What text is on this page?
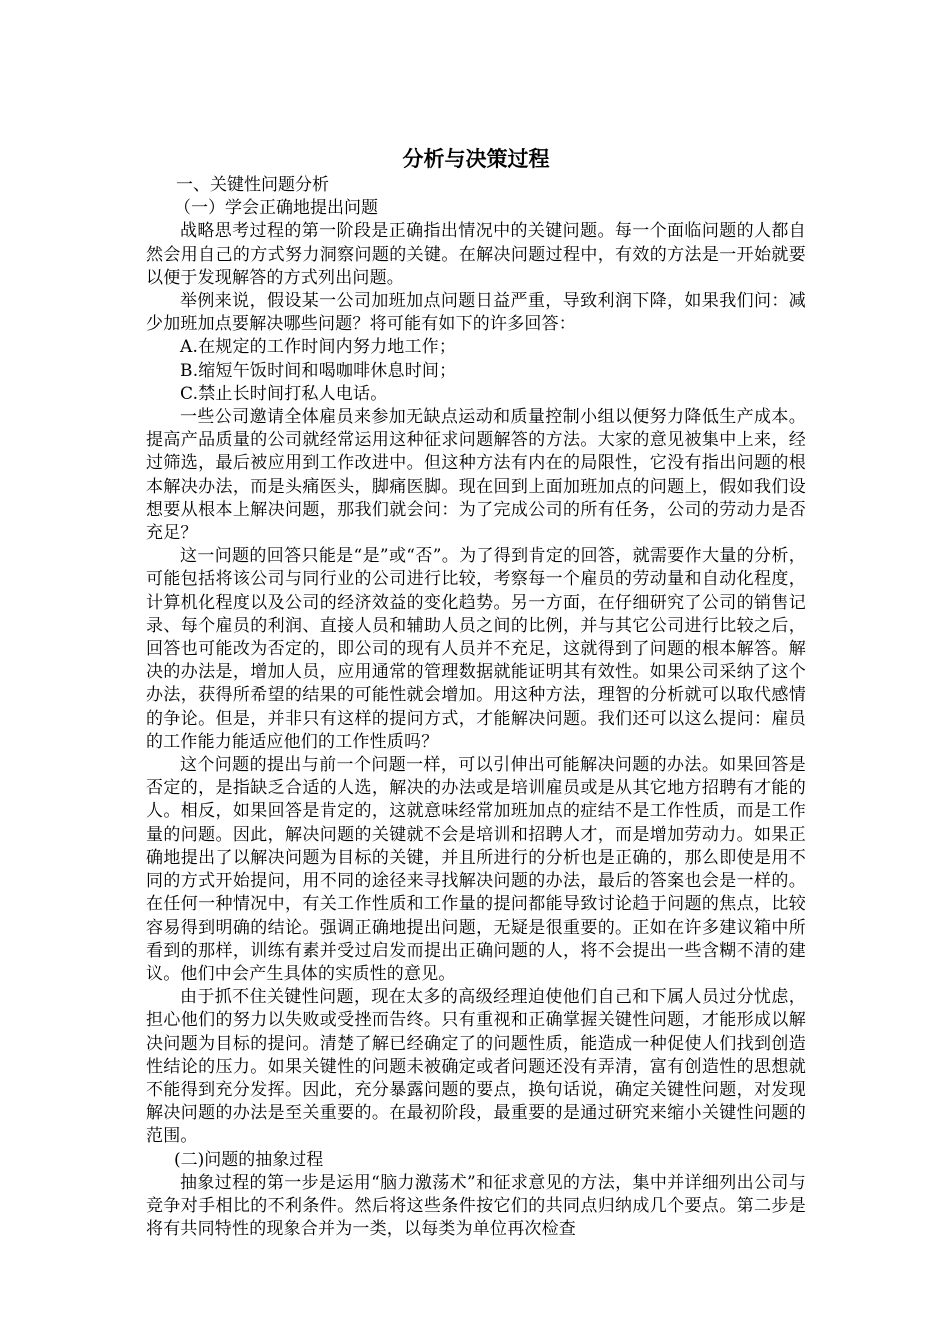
分析与决策过程

一、关键性问题分析

（一）学会正确地提出问题

战略思考过程的第一阶段是正确指出情况中的关键问题。每一个面临问题的人都自然会用自己的方式努力洞察问题的关键。在解决问题过程中，有效的方法是一开始就要以便于发现解答的方式列出问题。

举例来说，假设某一公司加班加点问题日益严重，导致利润下降，如果我们问：减少加班加点要解决哪些问题？将可能有如下的许多回答：

A.在规定的工作时间内努力地工作；

B.缩短午饭时间和喝咖啡休息时间；

C.禁止长时间打私人电话。

一些公司邀请全体雇员来参加无缺点运动和质量控制小组以便努力降低生产成本。提高产品质量的公司就经常运用这种征求问题解答的方法。大家的意见被集中上来，经过筛选，最后被应用到工作改进中。但这种方法有内在的局限性，它没有指出问题的根本解决办法，而是头痛医头，脚痛医脚。现在回到上面加班加点的问题上，假如我们设想要从根本上解决问题，那我们就会问：为了完成公司的所有任务，公司的劳动力是否充足？

这一问题的回答只能是“是”或“否”。为了得到肯定的回答，就需要作大量的分析，可能包括将该公司与同行业的公司进行比较，考察每一个雇员的劳动量和自动化程度，计算机化程度以及公司的经济效益的变化趋势。另一方面，在仔细研究了公司的销售记录、每个雇员的利润、直接人员和辅助人员之间的比例，并与其它公司进行比较之后，回答也可能改为否定的，即公司的现有人员并不充足，这就得到了问题的根本解答。解决的办法是，增加人员，应用通常的管理数据就能证明其有效性。如果公司采纳了这个办法，获得所希望的结果的可能性就会增加。用这种方法，理智的分析就可以取代感情的争论。但是，并非只有这样的提问方式，才能解决问题。我们还可以这么提问：雇员的工作能力能适应他们的工作性质吗？

这个问题的提出与前一个问题一样，可以引伸出可能解决问题的办法。如果回答是否定的，是指缺乏合适的人选，解决的办法或是培训雇员或是从其它地方招聘有才能的人。相反，如果回答是肯定的，这就意味经常加班加点的症结不是工作性质，而是工作量的问题。因此，解决问题的关键就不会是培训和招聘人才，而是增加劳动力。如果正确地提出了以解决问题为目标的关键，并且所进行的分析也是正确的，那么即使是用不同的方式开始提问，用不同的途径来寻找解决问题的办法，最后的答案也会是一样的。在任何一种情况中，有关工作性质和工作量的提问都能导致讨论趋于问题的焦点，比较容易得到明确的结论。强调正确地提出问题，无疑是很重要的。正如在许多建议箱中所看到的那样，训练有素并受过启发而提出正确问题的人，将不会提出一些含糊不清的建议。他们中会产生具体的实质性的意见。

由于抓不住关键性问题，现在太多的高级经理迫使他们自己和下属人员过分忧虑，担心他们的努力以失败或受挫而告终。只有重视和正确掌握关键性问题，才能形成以解决问题为目标的提问。清楚了解已经确定了的问题性质，能造成一种促使人们找到创造性结论的压力。如果关键性的问题未被确定或者问题还没有弄清，富有创造性的思想就不能得到充分发挥。因此，充分暴露问题的要点，换句话说，确定关键性问题，对发现解决问题的办法是至关重要的。在最初阶段，最重要的是通过研究来缩小关键性问题的范围。

(二)问题的抽象过程

抽象过程的第一步是运用“脑力激荡术”和征求意见的方法，集中并详细列出公司与竞争对手相比的不利条件。然后将这些条件按它们的共同点归纳成几个要点。第二步是将有共同特性的现象合并为一类，以每类为单位再次检查
